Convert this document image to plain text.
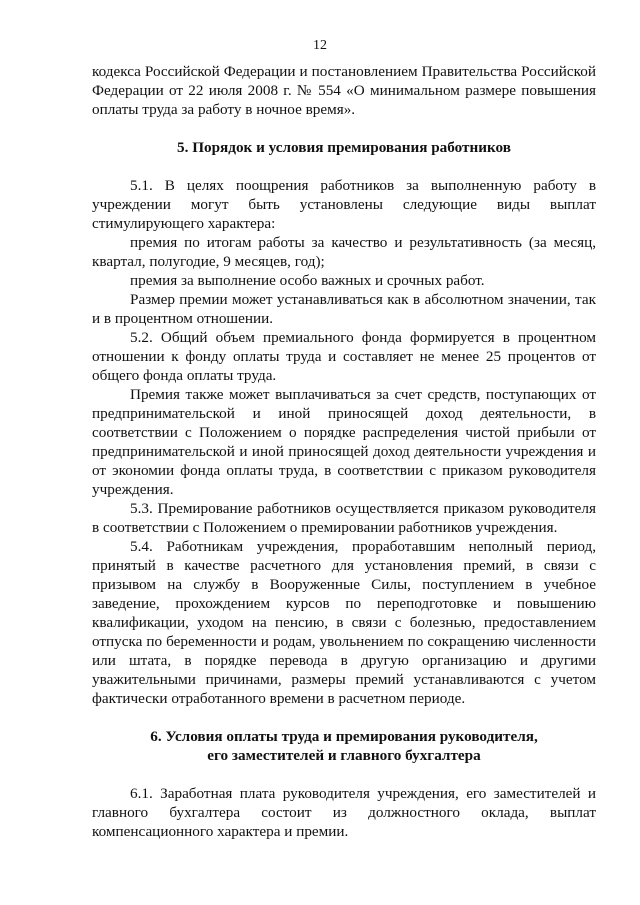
12

кодекса Российской Федерации и постановлением Правительства Российской Федерации от 22 июля 2008 г. № 554 «О минимальном размере повышения оплаты труда за работу в ночное время».

5. Порядок и условия премирования работников

5.1. В целях поощрения работников за выполненную работу в учреждении могут быть установлены следующие виды выплат стимулирующего характера:

премия по итогам работы за качество и результативность (за месяц, квартал, полугодие, 9 месяцев, год);

премия за выполнение особо важных и срочных работ.

Размер премии может устанавливаться как в абсолютном значении, так и в процентном отношении.

5.2. Общий объем премиального фонда формируется в процентном отношении к фонду оплаты труда и составляет не менее 25 процентов от общего фонда оплаты труда.

Премия также может выплачиваться за счет средств, поступающих от предпринимательской и иной приносящей доход деятельности, в соответствии с Положением о порядке распределения чистой прибыли от предпринимательской и иной приносящей доход деятельности учреждения и от экономии фонда оплаты труда, в соответствии с приказом руководителя учреждения.

5.3. Премирование работников осуществляется приказом руководителя в соответствии с Положением о премировании работников учреждения.

5.4. Работникам учреждения, проработавшим неполный период, принятый в качестве расчетного для установления премий, в связи с призывом на службу в Вооруженные Силы, поступлением в учебное заведение, прохождением курсов по переподготовке и повышению квалификации, уходом на пенсию, в связи с болезнью, предоставлением отпуска по беременности и родам, увольнением по сокращению численности или штата, в порядке перевода в другую организацию и другими уважительными причинами, размеры премий устанавливаются с учетом фактически отработанного времени в расчетном периоде.

6. Условия оплаты труда и премирования руководителя,
его заместителей и главного бухгалтера

6.1. Заработная плата руководителя учреждения, его заместителей и главного бухгалтера состоит из должностного оклада, выплат компенсационного характера и премии.
